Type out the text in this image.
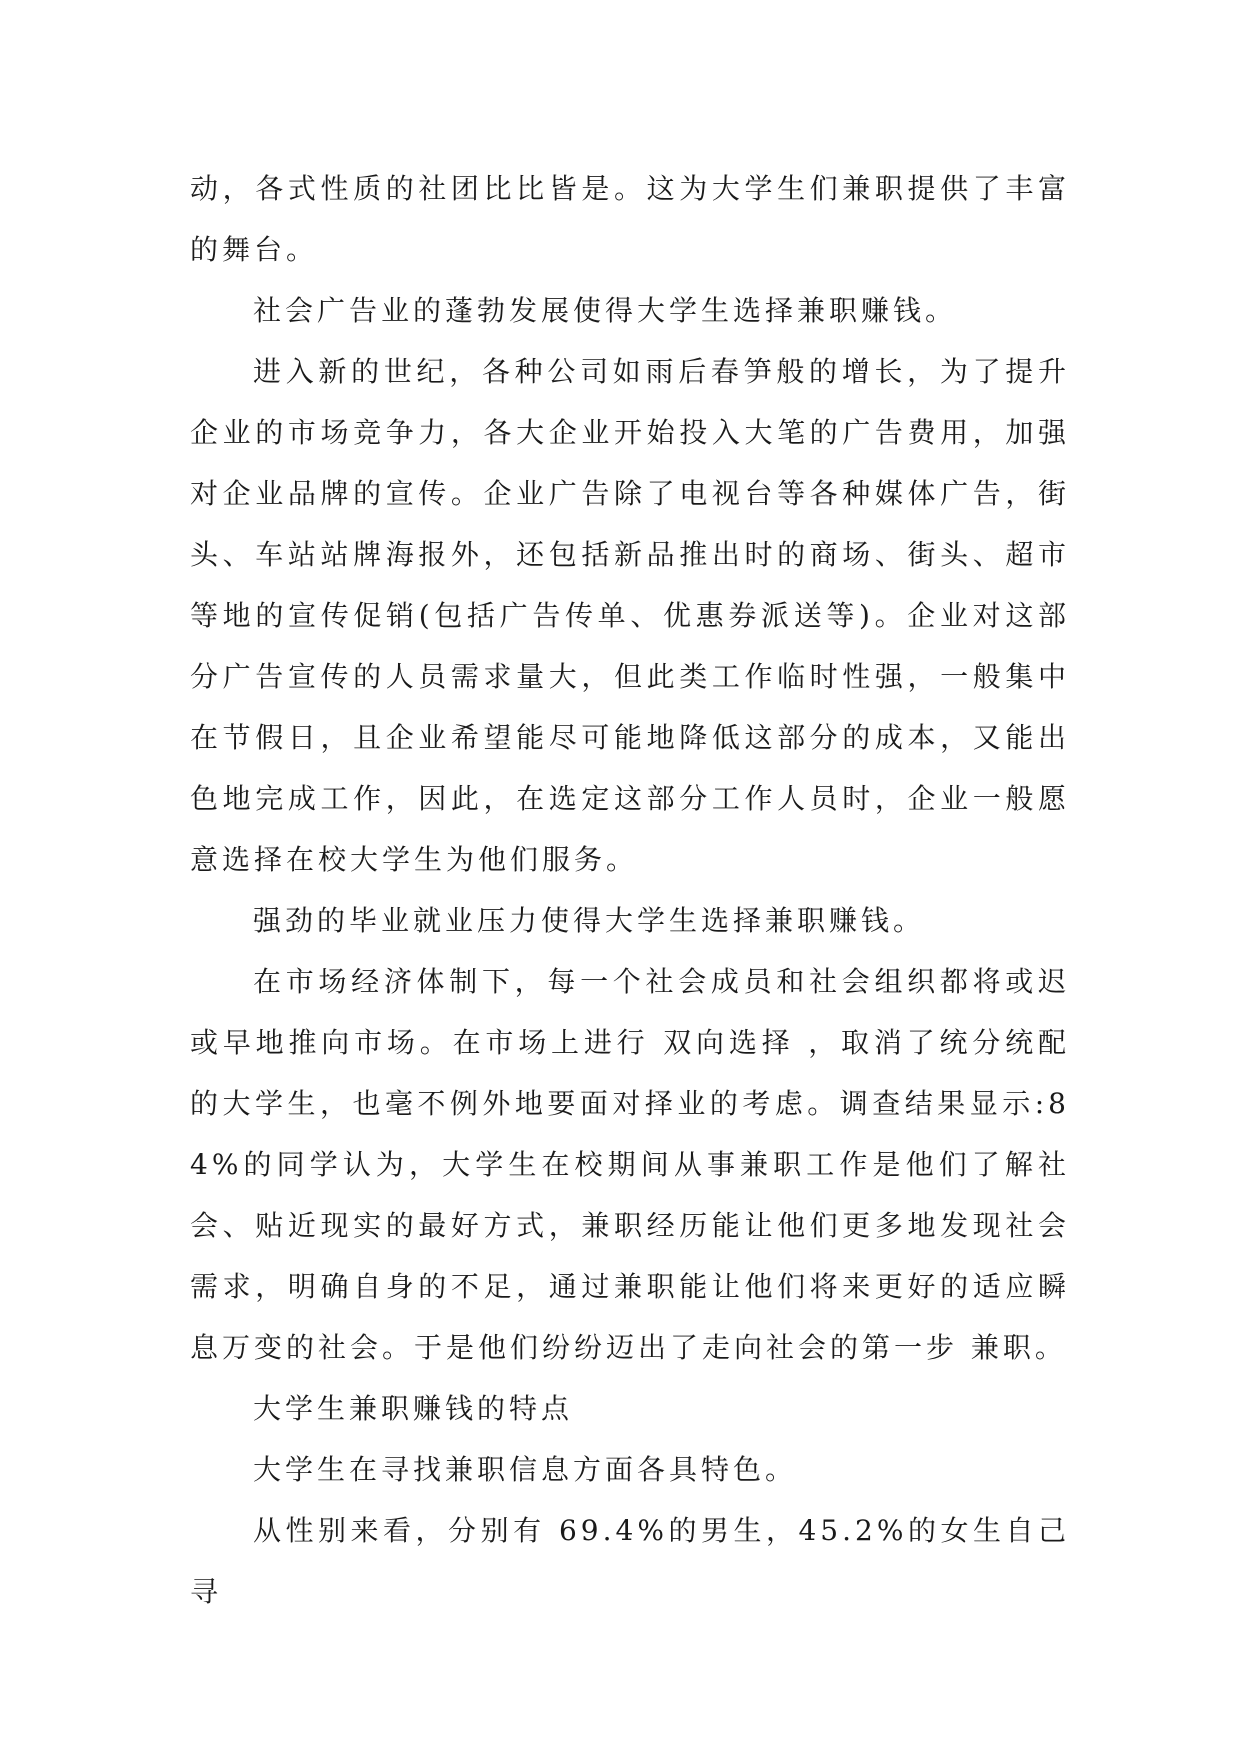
动，各式性质的社团比比皆是。这为大学生们兼职提供了丰富的舞台。

社会广告业的蓬勃发展使得大学生选择兼职赚钱。

进入新的世纪，各种公司如雨后春笋般的增长，为了提升企业的市场竞争力，各大企业开始投入大笔的广告费用，加强对企业品牌的宣传。企业广告除了电视台等各种媒体广告，街头、车站站牌海报外，还包括新品推出时的商场、街头、超市等地的宣传促销(包括广告传单、优惠券派送等)。企业对这部分广告宣传的人员需求量大，但此类工作临时性强，一般集中在节假日，且企业希望能尽可能地降低这部分的成本，又能出色地完成工作，因此，在选定这部分工作人员时，企业一般愿意选择在校大学生为他们服务。

强劲的毕业就业压力使得大学生选择兼职赚钱。

在市场经济体制下，每一个社会成员和社会组织都将或迟或早地推向市场。在市场上进行 双向选择 ，取消了统分统配的大学生，也毫不例外地要面对择业的考虑。调查结果显示:84%的同学认为，大学生在校期间从事兼职工作是他们了解社会、贴近现实的最好方式，兼职经历能让他们更多地发现社会需求，明确自身的不足，通过兼职能让他们将来更好的适应瞬息万变的社会。于是他们纷纷迈出了走向社会的第一步 兼职。

大学生兼职赚钱的特点

大学生在寻找兼职信息方面各具特色。

从性别来看，分别有 69.4%的男生，45.2%的女生自己寻
